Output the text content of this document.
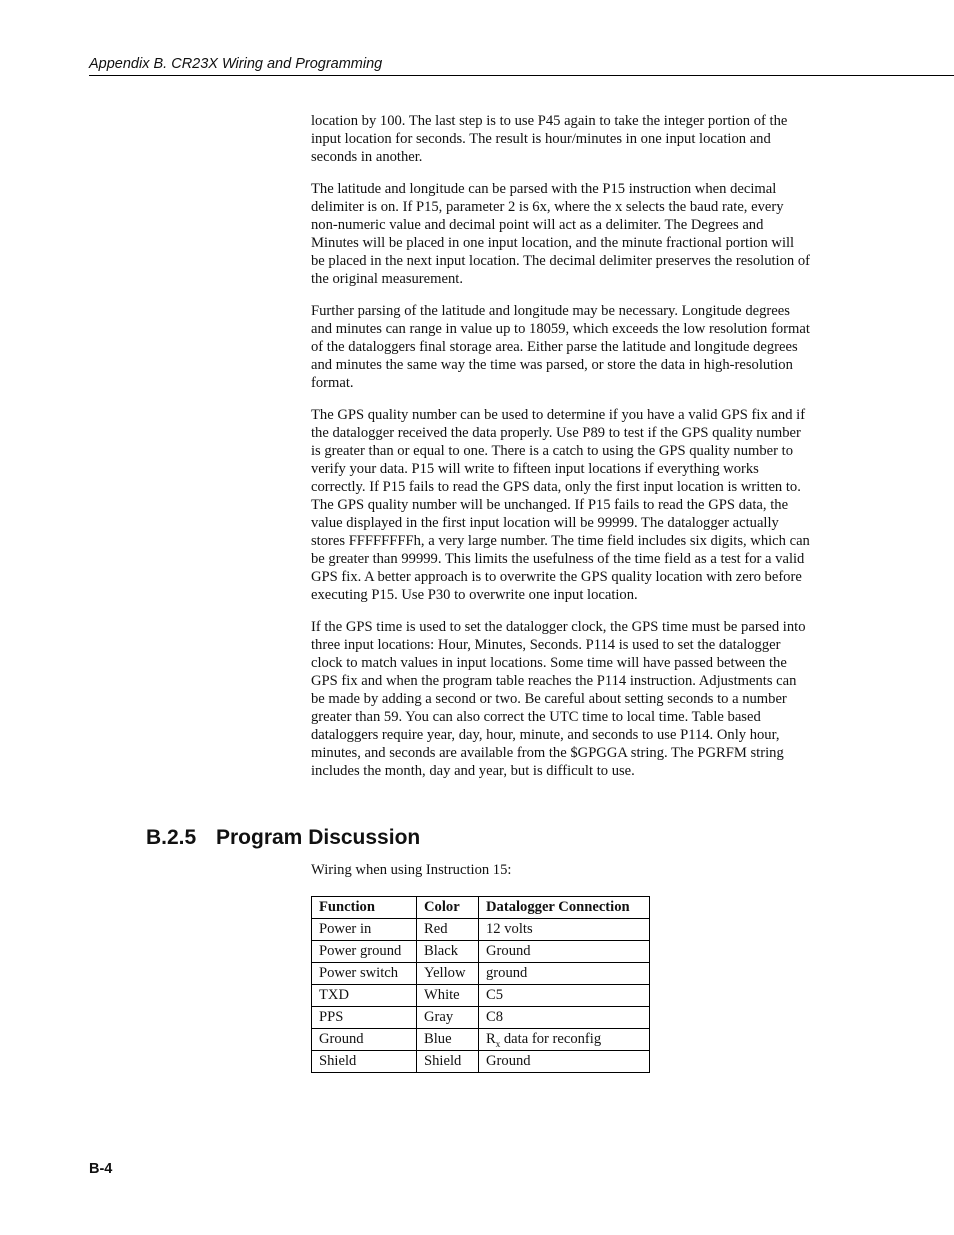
Appendix B. CR23X Wiring and Programming

location by 100. The last step is to use P45 again to take the integer portion of the input location for seconds. The result is hour/minutes in one input location and seconds in another.

The latitude and longitude can be parsed with the P15 instruction when decimal delimiter is on. If P15, parameter 2 is 6x, where the x selects the baud rate, every non-numeric value and decimal point will act as a delimiter. The Degrees and Minutes will be placed in one input location, and the minute fractional portion will be placed in the next input location. The decimal delimiter preserves the resolution of the original measurement.

Further parsing of the latitude and longitude may be necessary. Longitude degrees and minutes can range in value up to 18059, which exceeds the low resolution format of the dataloggers final storage area. Either parse the latitude and longitude degrees and minutes the same way the time was parsed, or store the data in high-resolution format.

The GPS quality number can be used to determine if you have a valid GPS fix and if the datalogger received the data properly. Use P89 to test if the GPS quality number is greater than or equal to one. There is a catch to using the GPS quality number to verify your data. P15 will write to fifteen input locations if everything works correctly. If P15 fails to read the GPS data, only the first input location is written to. The GPS quality number will be unchanged. If P15 fails to read the GPS data, the value displayed in the first input location will be 99999. The datalogger actually stores FFFFFFFFh, a very large number. The time field includes six digits, which can be greater than 99999. This limits the usefulness of the time field as a test for a valid GPS fix. A better approach is to overwrite the GPS quality location with zero before executing P15. Use P30 to overwrite one input location.

If the GPS time is used to set the datalogger clock, the GPS time must be parsed into three input locations: Hour, Minutes, Seconds. P114 is used to set the datalogger clock to match values in input locations. Some time will have passed between the GPS fix and when the program table reaches the P114 instruction. Adjustments can be made by adding a second or two. Be careful about setting seconds to a number greater than 59. You can also correct the UTC time to local time. Table based dataloggers require year, day, hour, minute, and seconds to use P114. Only hour, minutes, and seconds are available from the $GPGGA string. The PGRFM string includes the month, day and year, but is difficult to use.

B.2.5 Program Discussion
Wiring when using Instruction 15:
Function	Color	Datalogger Connection
Power in	Red	12 volts
Power ground	Black	Ground
Power switch	Yellow	ground
TXD	White	C5
PPS	Gray	C8
Ground	Blue	$R_x$ data for reconfig
Shield	Shield	Ground
B-4
